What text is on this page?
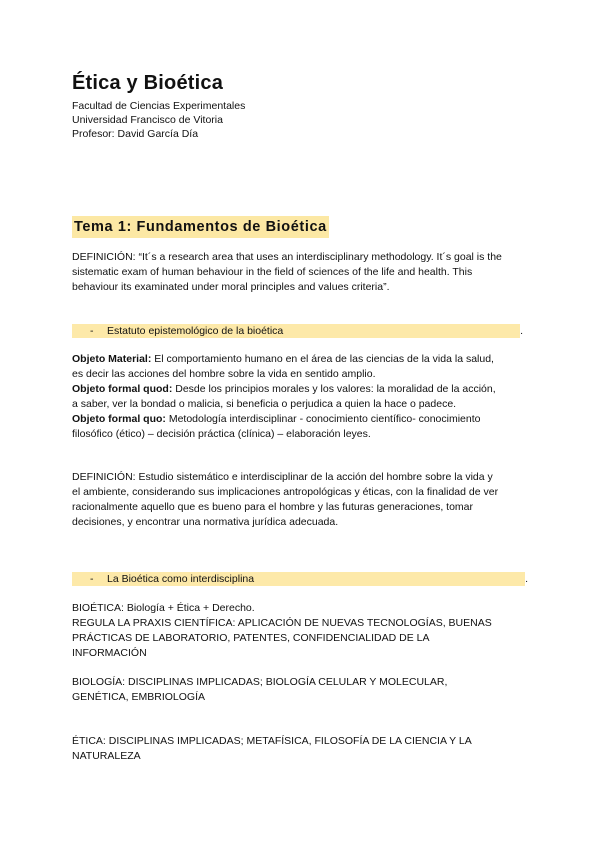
Ética y Bioética
Facultad de Ciencias Experimentales
Universidad Francisco de Vitoria
Profesor: David García Día
Tema 1: Fundamentos de Bioética
DEFINICIÓN: “It´s a research area that uses an interdisciplinary methodology. It´s goal is the
sistematic exam of human behaviour in the field of sciences of the life and health. This
behaviour its examinated under moral principles and values criteria”.
- Estatuto epistemológico de la bioética	.
Objeto Material: El comportamiento humano en el área de las ciencias de la vida la salud,
es decir las acciones del hombre sobre la vida en sentido amplio.
Objeto formal quod: Desde los principios morales y los valores: la moralidad de la acción,
a saber, ver la bondad o malicia, si beneficia o perjudica a quien la hace o padece.
Objeto formal quo: Metodología interdisciplinar - conocimiento científico- conocimiento
filosófico (ético) – decisión práctica (clínica) – elaboración leyes.
DEFINICIÓN: Estudio sistemático e interdisciplinar de la acción del hombre sobre la vida y
el ambiente, considerando sus implicaciones antropológicas y éticas, con la finalidad de ver
racionalmente aquello que es bueno para el hombre y las futuras generaciones, tomar
decisiones, y encontrar una normativa jurídica adecuada.
- La Bioética como interdisciplina	.
BIOÉTICA: Biología + Ética + Derecho.
REGULA LA PRAXIS CIENTÍFICA: APLICACIÓN DE NUEVAS TECNOLOGÍAS, BUENAS
PRÁCTICAS DE LABORATORIO, PATENTES, CONFIDENCIALIDAD DE LA
INFORMACIÓN
BIOLOGÍA: DISCIPLINAS IMPLICADAS; BIOLOGÍA CELULAR Y MOLECULAR,
GENÉTICA, EMBRIOLOGÍA
ÉTICA: DISCIPLINAS IMPLICADAS; METAFÍSICA, FILOSOFÍA DE LA CIENCIA Y LA
NATURALEZA
